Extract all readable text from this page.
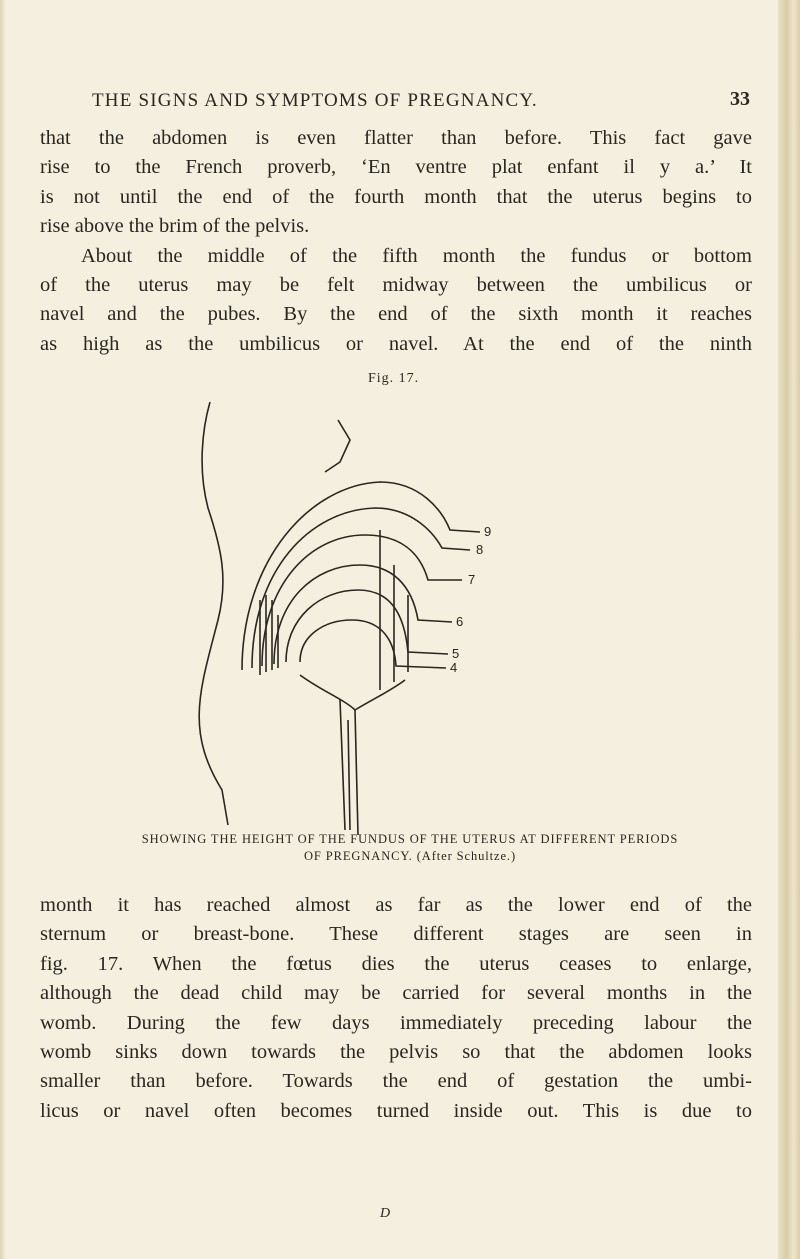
THE SIGNS AND SYMPTOMS OF PREGNANCY.	33
that the abdomen is even flatter than before. This fact gave
rise to the French proverb, ‘En ventre plat enfant il y a.’ It
is not until the end of the fourth month that the uterus begins to
rise above the brim of the pelvis.
About the middle of the fifth month the fundus or bottom
of the uterus may be felt midway between the umbilicus or
navel and the pubes. By the end of the sixth month it reaches
as high as the umbilicus or navel. At the end of the ninth
Fig. 17.
9
8
7
6
5
4
SHOWING THE HEIGHT OF THE FUNDUS OF THE UTERUS AT DIFFERENT PERIODS
OF PREGNANCY. (After Schultze.)
month it has reached almost as far as the lower end of the
sternum or breast-bone. These different stages are seen in
fig. 17. When the fœtus dies the uterus ceases to enlarge,
although the dead child may be carried for several months in the
womb. During the few days immediately preceding labour the
womb sinks down towards the pelvis so that the abdomen looks
smaller than before. Towards the end of gestation the umbi-
licus or navel often becomes turned inside out. This is due to
D
